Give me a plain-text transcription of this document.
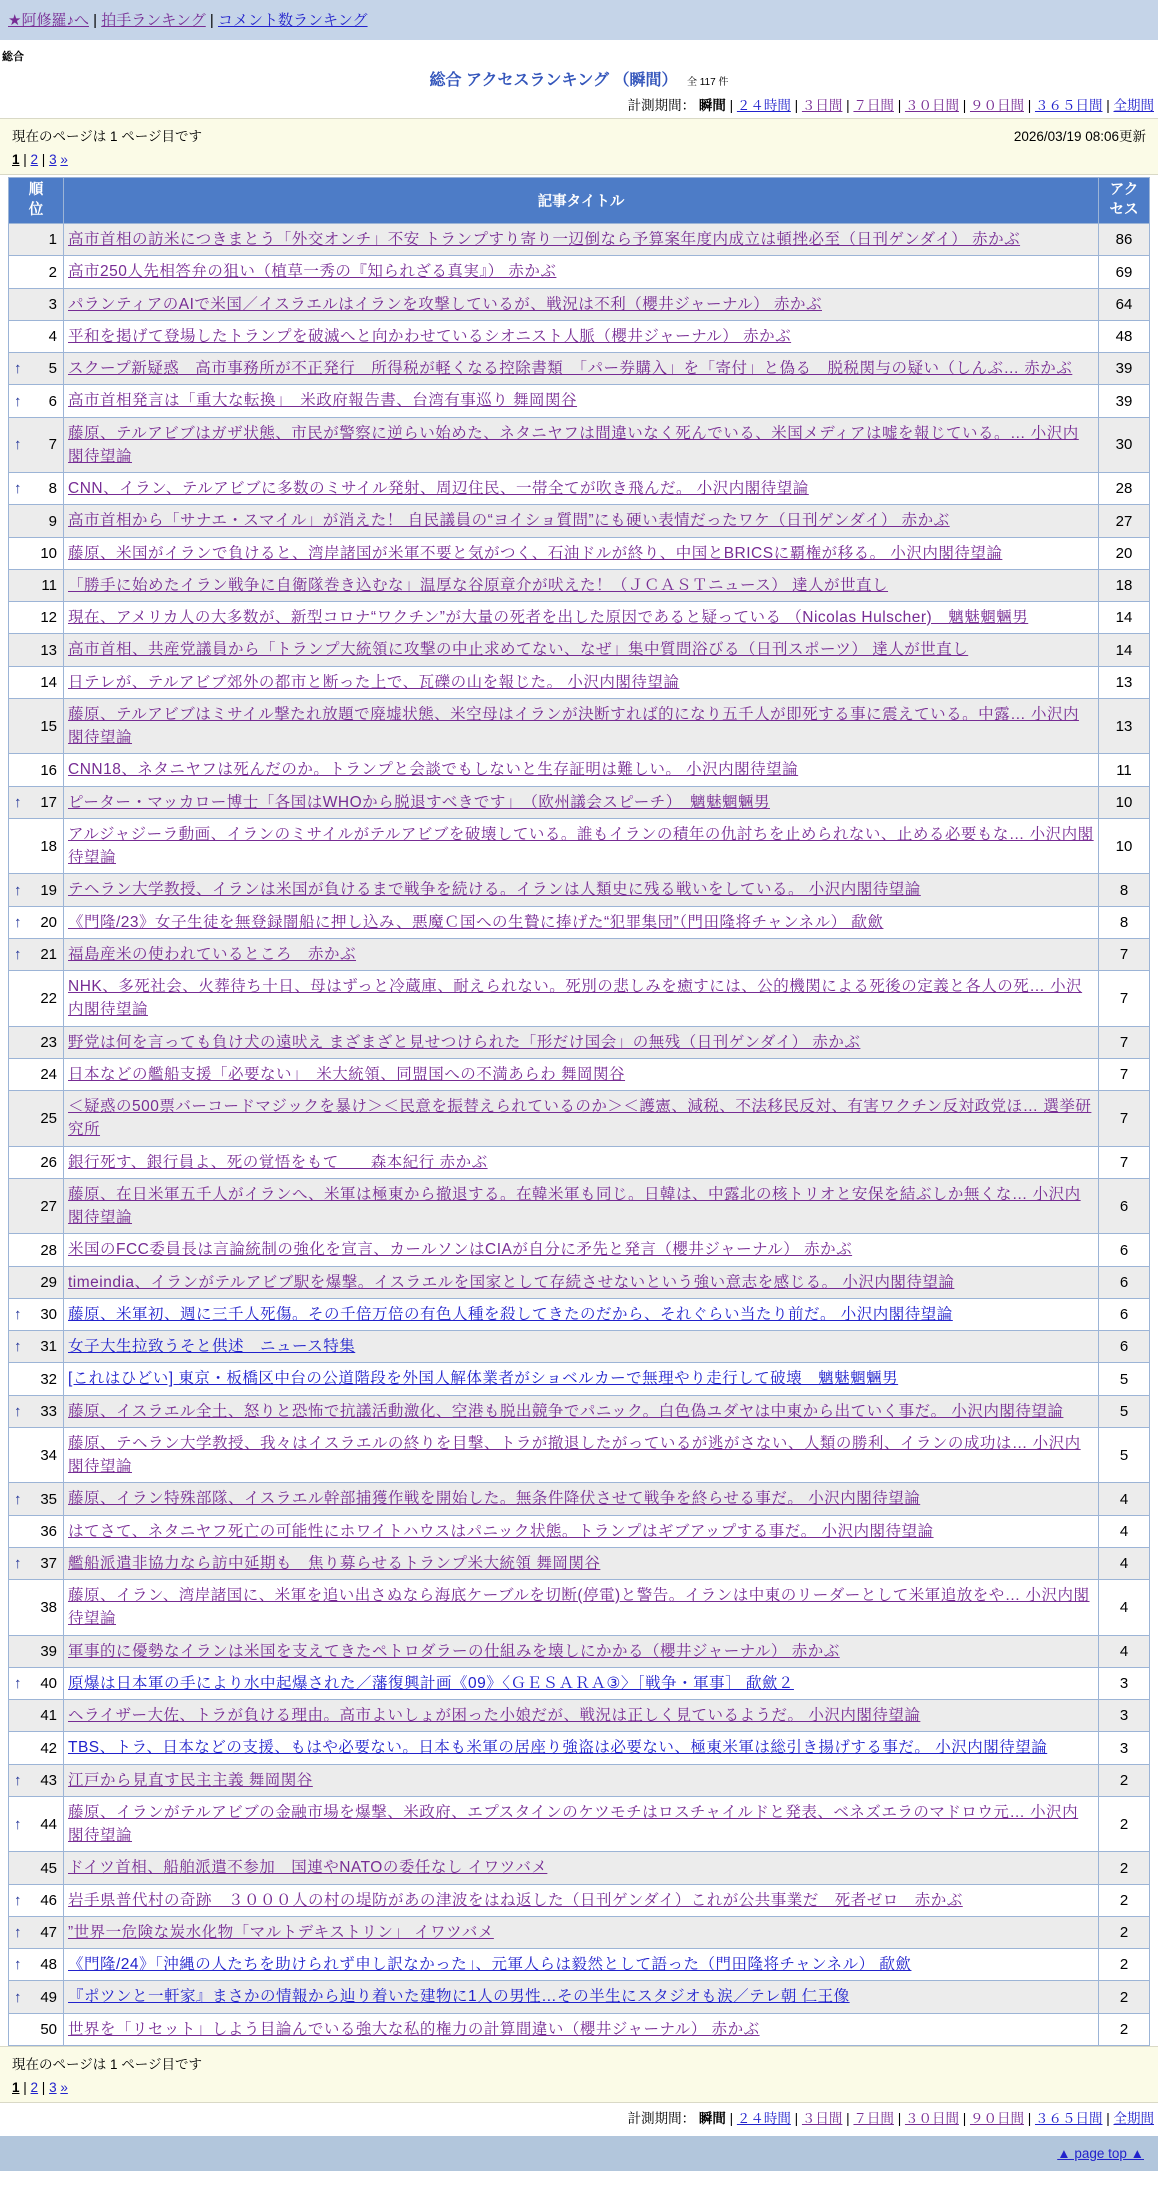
★阿修羅♪へ | 拍手ランキング | コメント数ランキング
総合
総合 アクセスランキング （瞬間） 全 117 件
計測期間： 瞬間 | ２４時間 | ３日間 | ７日間 | ３０日間 | ９０日間 | ３６５日間 | 全期間
現在のページは 1 ページ目です	2026/03/19 08:06更新
1 | 2 | 3 »
順位	記事タイトル	アクセス
1	高市首相の訪米につきまとう「外交オンチ」不安 トランプすり寄り一辺倒なら予算案年度内成立は頓挫必至（日刊ゲンダイ） 赤かぶ	86
2	高市250人先相答弁の狙い（植草一秀の『知られざる真実』） 赤かぶ	69
3	パランティアのAIで米国／イスラエルはイランを攻撃しているが、戦況は不利（櫻井ジャーナル） 赤かぶ	64
4	平和を掲げて登場したトランプを破滅へと向かわせているシオニスト人脈（櫻井ジャーナル） 赤かぶ	48

↑ 5	スクープ新疑惑　高市事務所が不正発行　所得税が軽くなる控除書類　「パー券購入」を「寄付」と偽る　脱税関与の疑い（しんぶ… 赤かぶ	39

↑ 6	高市首相発言は「重大な転換」　米政府報告書、台湾有事巡り 舞岡関谷	39

↑ 7	藤原、テルアビブはガザ状態、市民が警察に逆らい始めた、ネタニヤフは間違いなく死んでいる、米国メディアは嘘を報じている。… 小沢内閣待望論	30

↑ 8	CNN、イラン、テルアビブに多数のミサイル発射、周辺住民、一帯全てが吹き飛んだ。 小沢内閣待望論	28
9	高市首相から「サナエ・スマイル」が消えた！ 自民議員の“ヨイショ質問”にも硬い表情だったワケ（日刊ゲンダイ） 赤かぶ	27
10	藤原、米国がイランで負けると、湾岸諸国が米軍不要と気がつく、石油ドルが終り、中国とBRICSに覇権が移る。 小沢内閣待望論	20
11	「勝手に始めたイラン戦争に自衛隊巻き込むな」温厚な谷原章介が吠えた！（ＪＣＡＳＴニュース） 達人が世直し	18
12	現在、アメリカ人の大多数が、新型コロナ“ワクチン”が大量の死者を出した原因であると疑っている （Nicolas Hulscher)　魑魅魍魎男	14
13	高市首相、共産党議員から「トランプ大統領に攻撃の中止求めてない、なぜ」集中質問浴びる（日刊スポーツ） 達人が世直し	14
14	日テレが、テルアビブ郊外の都市と断った上で、瓦礫の山を報じた。 小沢内閣待望論	13
15	藤原、テルアビブはミサイル撃たれ放題で廃墟状態、米空母はイランが決断すれば的になり五千人が即死する事に震えている。中露… 小沢内閣待望論	13
16	CNN18、ネタニヤフは死んだのか。トランプと会談でもしないと生存証明は難しい。 小沢内閣待望論	11

↑ 17	ピーター・マッカロー博士「各国はWHOから脱退すべきです」　（欧州議会スピーチ）　魑魅魍魎男	10
18	アルジャジーラ動画、イランのミサイルがテルアビブを破壊している。誰もイランの積年の仇討ちを止められない、止める必要もな… 小沢内閣待望論	10

↑ 19	テヘラン大学教授、イランは米国が負けるまで戦争を続ける。イランは人類史に残る戦いをしている。 小沢内閣待望論	8

↑ 20	《門隆/23》女子生徒を無登録闇船に押し込み、悪魔Ｃ国への生贄に捧げた“犯罪集団”（門田隆将チャンネル） 歃歛	8

↑ 21	福島産米の使われているところ　赤かぶ	7
22	NHK、多死社会、火葬待ち十日、母はずっと冷蔵庫、耐えられない。死別の悲しみを癒すには、公的機関による死後の定義と各人の死… 小沢内閣待望論	7
23	野党は何を言っても負け犬の遠吠え まざまざと見せつけられた「形だけ国会」の無残（日刊ゲンダイ） 赤かぶ	7
24	日本などの艦船支援「必要ない」　米大統領、同盟国への不満あらわ 舞岡関谷	7
25	＜疑惑の500票バーコードマジックを暴け＞＜民意を振替えられているのか＞＜護憲、減税、不法移民反対、有害ワクチン反対政党ほ… 選挙研究所	7
26	銀行死す、銀行員よ、死の覚悟をもて　　森本紀行 赤かぶ	7
27	藤原、在日米軍五千人がイランへ、米軍は極東から撤退する。在韓米軍も同じ。日韓は、中露北の核トリオと安保を結ぶしか無くな… 小沢内閣待望論	6
28	米国のFCC委員長は言論統制の強化を宣言、カールソンはCIAが自分に矛先と発言（櫻井ジャーナル） 赤かぶ	6
29	timeindia、イランがテルアビブ駅を爆撃。イスラエルを国家として存続させないという強い意志を感じる。 小沢内閣待望論	6

↑ 30	藤原、米軍初、週に三千人死傷。その千倍万倍の有色人種を殺してきたのだから、それぐらい当たり前だ。 小沢内閣待望論	6

↑ 31	女子大生拉致うそと供述　ニュース特集	6
32	[これはひどい] 東京・板橋区中台の公道階段を外国人解体業者がショベルカーで無理やり走行して破壊　魑魅魍魎男	5

↑ 33	藤原、イスラエル全土、怒りと恐怖で抗議活動激化、空港も脱出競争でパニック。白色偽ユダヤは中東から出ていく事だ。 小沢内閣待望論	5
34	藤原、テヘラン大学教授、我々はイスラエルの終りを目撃、トラが撤退したがっているが逃がさない、人類の勝利、イランの成功は… 小沢内閣待望論	5

↑ 35	藤原、イラン特殊部隊、イスラエル幹部捕獲作戦を開始した。無条件降伏させて戦争を終らせる事だ。 小沢内閣待望論	4
36	はてさて、ネタニヤフ死亡の可能性にホワイトハウスはパニック状態。トランプはギブアップする事だ。 小沢内閣待望論	4

↑ 37	艦船派遣非協力なら訪中延期も　焦り募らせるトランプ米大統領 舞岡関谷	4
38	藤原、イラン、湾岸諸国に、米軍を追い出さぬなら海底ケーブルを切断(停電)と警告。イランは中東のリーダーとして米軍追放をや… 小沢内閣待望論	4
39	軍事的に優勢なイランは米国を支えてきたペトロダラーの仕組みを壊しにかかる（櫻井ジャーナル） 赤かぶ	4

↑ 40	原爆は日本軍の手により水中起爆された／藩復興計画《09》〈ＧＥＳＡＲＡ③〉［戦争・軍事］ 歃歛２	3
41	ヘライザー大佐、トラが負ける理由。高市よいしょが困った小娘だが、戦況は正しく見ているようだ。 小沢内閣待望論	3
42	TBS、トラ、日本などの支援、もはや必要ない。日本も米軍の居座り強盗は必要ない、極東米軍は総引き揚げする事だ。 小沢内閣待望論	3

↑ 43	江戸から見直す民主主義 舞岡関谷	2

↑ 44	藤原、イランがテルアビブの金融市場を爆撃、米政府、エプスタインのケツモチはロスチャイルドと発表、ベネズエラのマドロウ元… 小沢内閣待望論	2
45	ドイツ首相、船舶派遣不参加　国連やNATOの委任なし イワツバメ	2

↑ 46	岩手県普代村の奇跡　３０００人の村の堤防があの津波をはね返した（日刊ゲンダイ）これが公共事業だ　死者ゼロ　赤かぶ	2

↑ 47	”世界一危険な炭水化物「マルトデキストリン」 イワツバメ	2

↑ 48	《門隆/24》「沖縄の人たちを助けられず申し訳なかった」、元軍人らは毅然として語った（門田隆将チャンネル） 歃歛	2

↑ 49	『ポツンと一軒家』まさかの情報から辿り着いた建物に1人の男性…その半生にスタジオも涙／テレ朝 仁王像	2
50	世界を「リセット」しよう目論んでいる強大な私的権力の計算間違い（櫻井ジャーナル） 赤かぶ	2
現在のページは 1 ページ目です
1 | 2 | 3 »
計測期間： 瞬間 | ２４時間 | ３日間 | ７日間 | ３０日間 | ９０日間 | ３６５日間 | 全期間
▲ page top ▲
